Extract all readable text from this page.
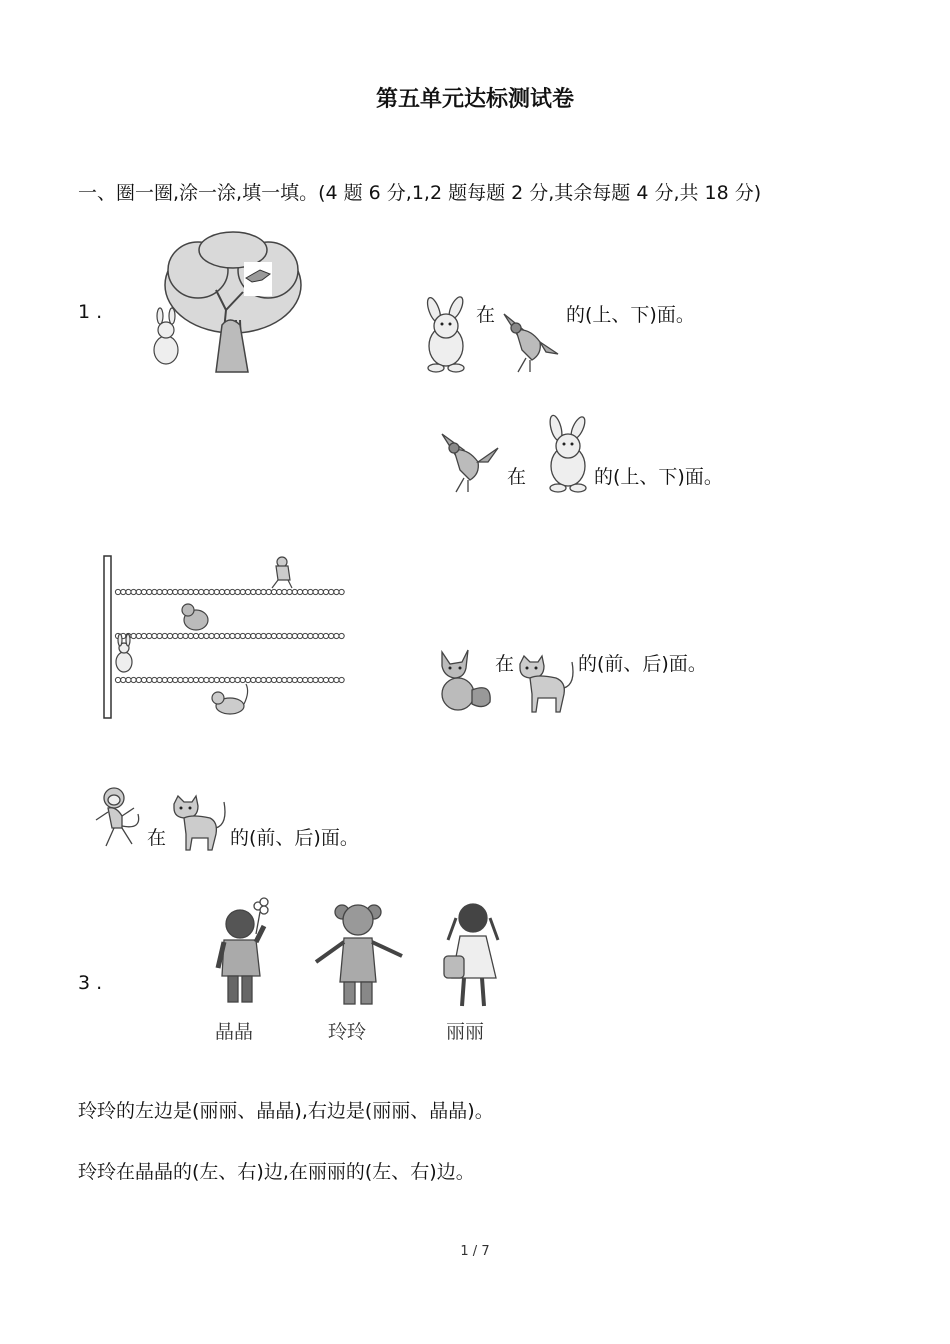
第五单元达标测试卷
一、圈一圈,涂一涂,填一填。(4 题 6 分,1,2 题每题 2 分,其余每题 4 分,共 18 分)
1 .	在	的(上、下)面。
在	的(上、下)面。
在	的(前、后)面。
在	的(前、后)面。
3 .
晶晶	玲玲	丽丽
玲玲的左边是(丽丽、晶晶),右边是(丽丽、晶晶)。
玲玲在晶晶的(左、右)边,在丽丽的(左、右)边。
1 / 7
